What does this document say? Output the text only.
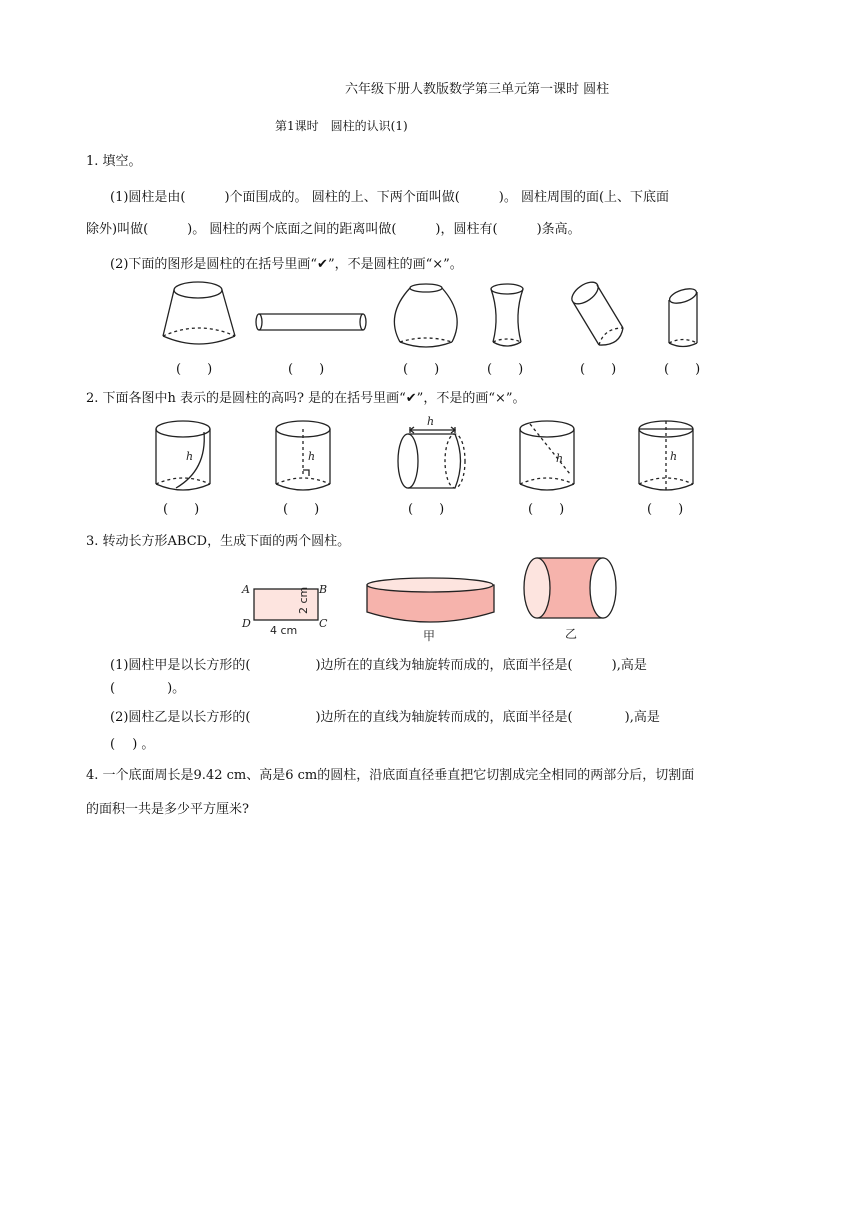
六年级下册人教版数学第三单元第一课时 圆柱
第1课时　圆柱的认识(1)
1. 填空。
(1)圆柱是由(　　　)个面围成的。 圆柱的上、下两个面叫做(　　　)。 圆柱周围的面(上、下底面
除外)叫做(　　　)。 圆柱的两个底面之间的距离叫做(　　　)，圆柱有(　　　)条高。
(2)下面的图形是圆柱的在括号里画“✔”，不是圆柱的画“×”。
(　　)	(　　)	(　　)	(　　)	(　　)	(　　)
2. 下面各图中h 表示的是圆柱的高吗? 是的在括号里画“✔”，不是的画“×”。
h	h
h
h	h
(　　)	(　　)	(　　)	(　　)	(　　)
3. 转动长方形ABCD，生成下面的两个圆柱。
A	B
D	C
4 cm
2 cm
甲	乙
(1)圆柱甲是以长方形的(　　　　　)边所在的直线为轴旋转而成的，底面半径是(　　　),高是
(　　　　)。
(2)圆柱乙是以长方形的(　　　　　)边所在的直线为轴旋转而成的，底面半径是(　　　　),高是
(　 ) 。
4. 一个底面周长是9.42 cm、高是6 cm的圆柱，沿底面直径垂直把它切割成完全相同的两部分后，切割面
的面积一共是多少平方厘米?
